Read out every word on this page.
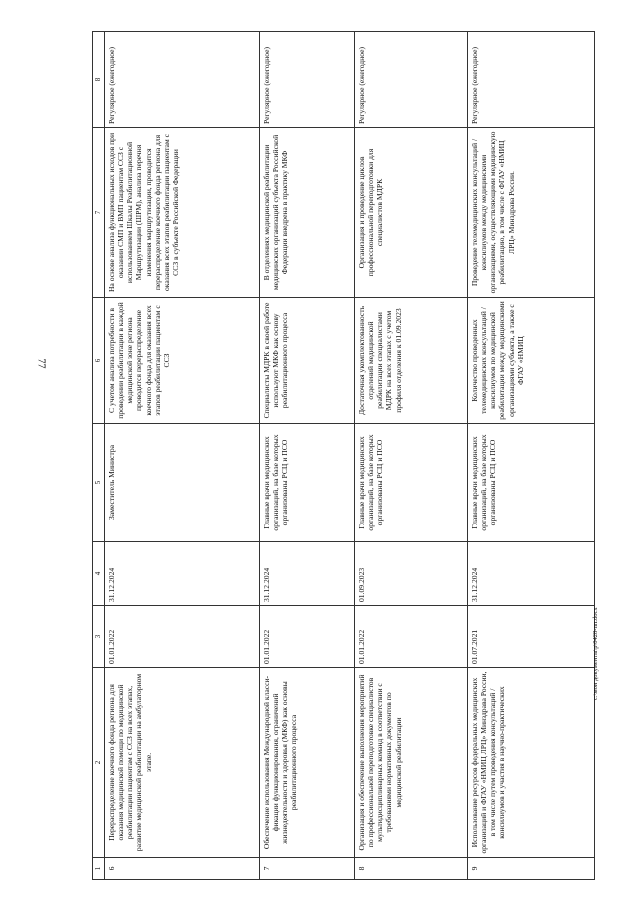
77
1	2	3	4	5	6	7	8
6	Перераспределение коечного фонда региона для оказания медицинской помощи по медицинской реабилитации пациентам с ССЗ на всех этапах, развитие медицинской реабилитации на амбулаторном этапе.	01.01.2022	31.12.2024	Заместитель Министра	С учетом анализа потребности в проведении реабилитации в каждой медицинской зоне региона проводится перераспределение коечного фонда для оказания всех этапов реабилитации пациентам с ССЗ	На основе анализа функциональных исходов при оказании СМП и ВМП пациентам ССЗ с использованием Шкалы Реабилитационной Маршрутизации (ШРМ), анализа перечня изменения маршрутизации, проводится перераспределение коечного фонда региона для оказания всех этапов реабилитации пациентам с ССЗ в субъекте Российской Федерации	Регулярное (ежегодное)
7	Обеспечение использования Международной класси-фикации функционирования, ограничений жизнедеятельности и здоровья (МКФ) как основы реабилитационного процесса	01.01.2022	31.12.2024	Главные врачи медицинских организаций, на базе которых организованы РСЦ и ПСО	Специалисты МДРК в своей работе используют МКФ как основу реабилитационного процесса	В отделениях медицинской реабилитации медицинских организаций субъекта Российской Федерации внедрена в практику МКФ	Регулярное (ежегодное)
8	Организация и обеспечение выполнения мероприятий по профессиональной переподготовке специалистов мультидисциплинарных команд в соответствии с требованиями нормативных документов по медицинской реабилитации	01.01.2022	01.09.2023	Главные врачи медицинских организаций, на базе которых организованы РСЦ и ПСО	Достаточная укомплектованность отделений медицинской реабилитации специалистами МДРК на всех этапах с учетом профиля отделения к 01.09.2023	Организация и проведение циклов профессиональной переподготовки для специалистов МДРК	Регулярное (ежегодное)
9	Использование ресурсов федеральных медицинских организаций и ФГАУ «НМИЦ ЛРЦ» Минздрава России, в том числе путем проведения консультаций / консилиумов и участия в научно-практических	01.07.2021	31.12.2024	Главные врачи медицинских организаций, на базе которых организованы РСЦ и ПСО	Количество проведенных телемедицинских консультаций / консилиумов по медицинской реабилитации между медицинскими организациями субъекта, а также с ФГАУ «НМИЦ	Проведение телемедицинских консультаций / консилиумов между медицинскими организациями, осуществляющими медицинскую реабилитацию, в том числе с ФГАУ «НМИЦ ЛРЦ» Минздрава России.	Регулярное (ежегодное)
c:\мои документы\р\0428-пп.docx
